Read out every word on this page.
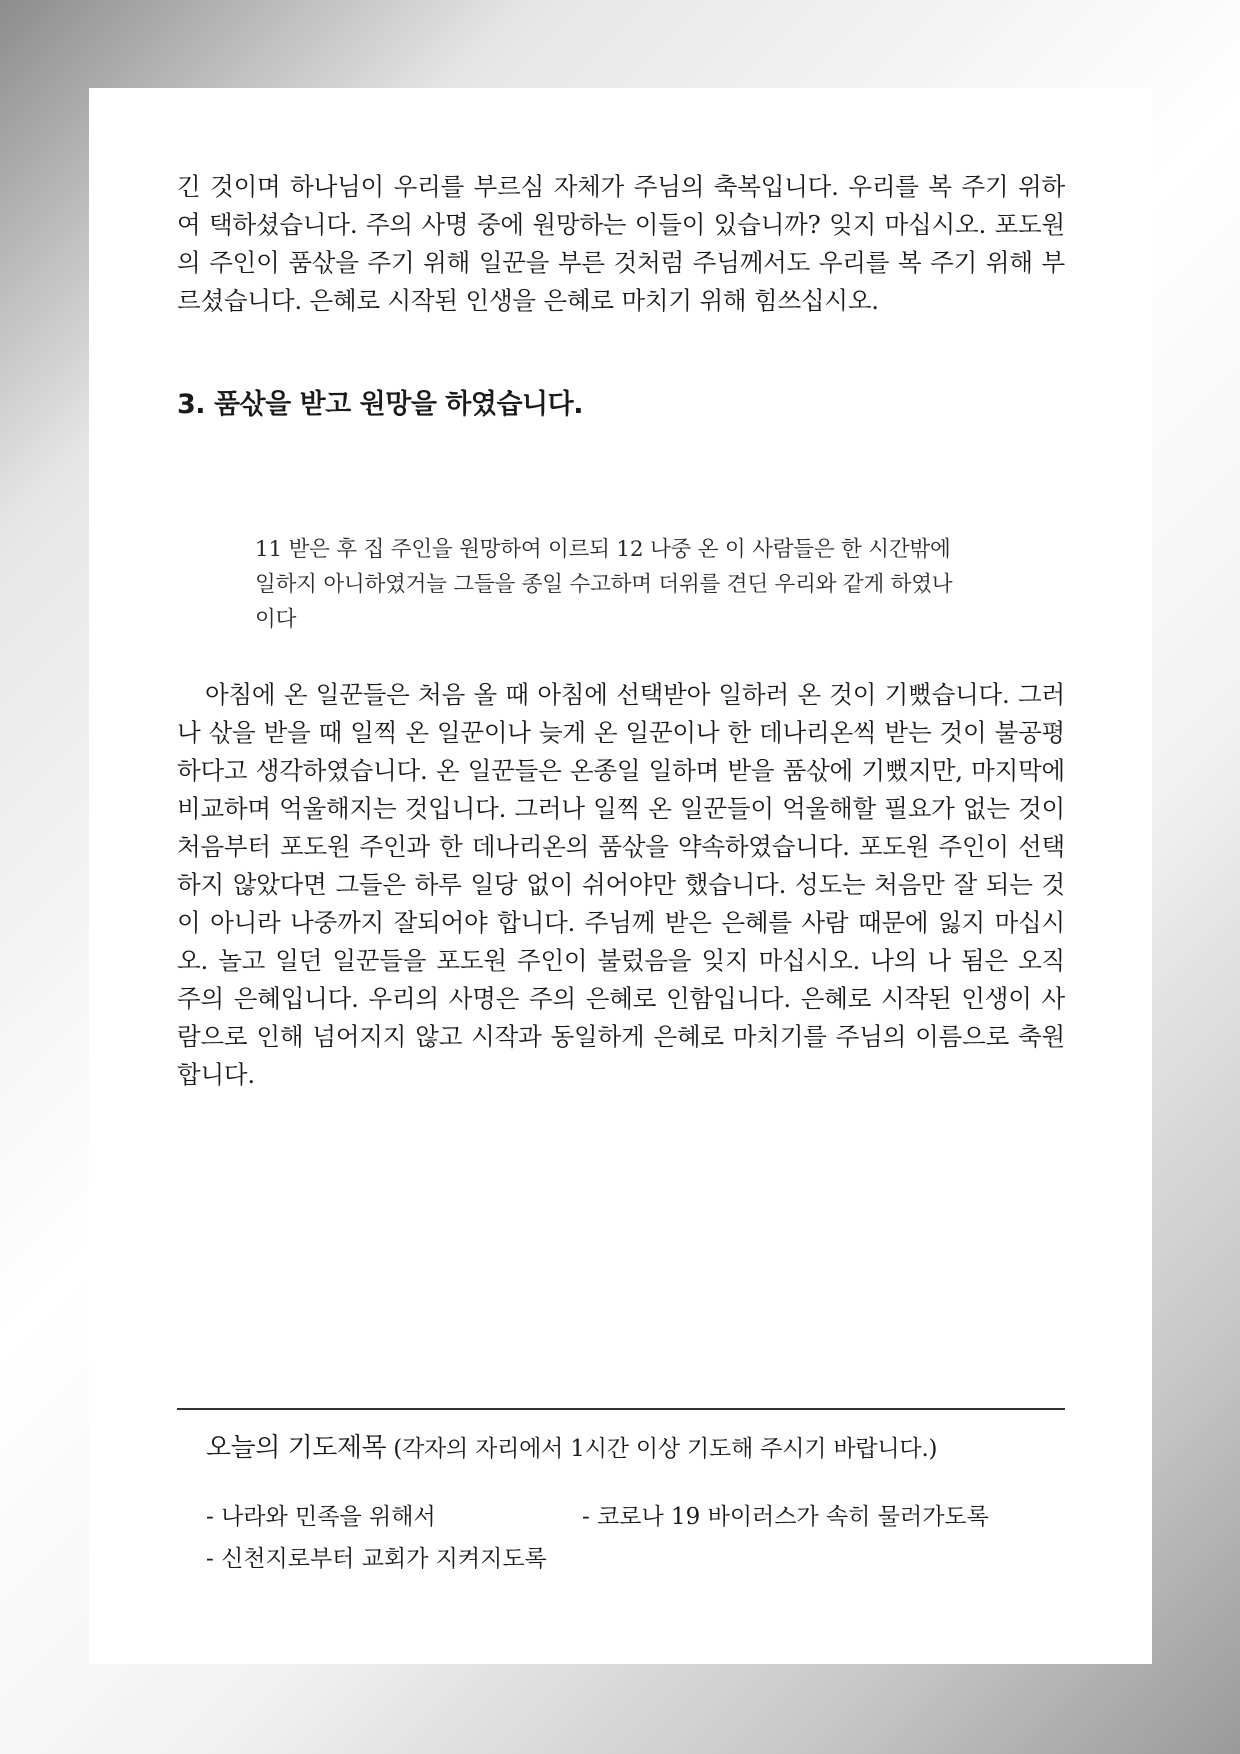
긴 것이며 하나님이 우리를 부르심 자체가 주님의 축복입니다. 우리를 복 주기 위하여 택하셨습니다. 주의 사명 중에 원망하는 이들이 있습니까? 잊지 마십시오. 포도원의 주인이 품삯을 주기 위해 일꾼을 부른 것처럼 주님께서도 우리를 복 주기 위해 부르셨습니다. 은혜로 시작된 인생을 은혜로 마치기 위해 힘쓰십시오.

3. 품삯을 받고 원망을 하였습니다.
11 받은 후 집 주인을 원망하여 이르되 12 나중 온 이 사람들은 한 시간밖에
일하지 아니하였거늘 그들을 종일 수고하며 더위를 견딘 우리와 같게 하였나
이다

아침에 온 일꾼들은 처음 올 때 아침에 선택받아 일하러 온 것이 기뻤습니다. 그러나 삯을 받을 때 일찍 온 일꾼이나 늦게 온 일꾼이나 한 데나리온씩 받는 것이 불공평하다고 생각하였습니다. 온 일꾼들은 온종일 일하며 받을 품삯에 기뻤지만, 마지막에 비교하며 억울해지는 것입니다. 그러나 일찍 온 일꾼들이 억울해할 필요가 없는 것이 처음부터 포도원 주인과 한 데나리온의 품삯을 약속하였습니다. 포도원 주인이 선택하지 않았다면 그들은 하루 일당 없이 쉬어야만 했습니다. 성도는 처음만 잘 되는 것이 아니라 나중까지 잘되어야 합니다. 주님께 받은 은혜를 사람 때문에 잃지 마십시오. 놀고 일던 일꾼들을 포도원 주인이 불렀음을 잊지 마십시오. 나의 나 됨은 오직 주의 은혜입니다. 우리의 사명은 주의 은혜로 인함입니다. 은혜로 시작된 인생이 사람으로 인해 넘어지지 않고 시작과 동일하게 은혜로 마치기를 주님의 이름으로 축원합니다.

오늘의 기도제목 (각자의 자리에서 1시간 이상 기도해 주시기 바랍니다.)
- 나라와 민족을 위해서	- 코로나 19 바이러스가 속히 물러가도록
- 신천지로부터 교회가 지켜지도록
